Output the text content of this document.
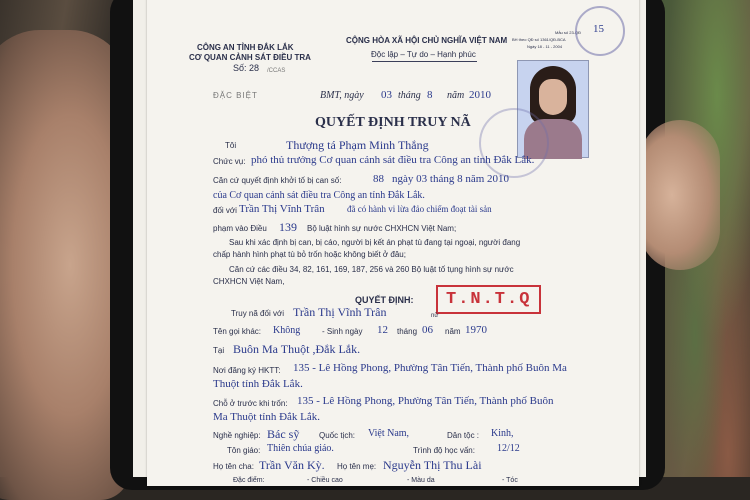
CÔNG AN TỈNH ĐẮK LẮK
CƠ QUAN CẢNH SÁT ĐIỀU TRA
Số: 28 /CCAS
ĐẶC BIỆT
CỘNG HÒA XÃ HỘI CHỦ NGHĨA VIỆT NAM
Độc lập – Tự do – Hạnh phúc
Mẫu số 23-QĐ
BH theo QĐ số 1361/QĐ-BCA
Ngày 18 - 11 - 2004
15
BMT, ngày 03 tháng 8 năm 2010
QUYẾT ĐỊNH TRUY NÃ
Tôi	Thượng tá Phạm Minh Thắng
Chức vụ: phó thủ trưởng Cơ quan cảnh sát điều tra Công an tỉnh Đắk Lắk.
Căn cứ quyết định khởi tố bị can số:	88 ngày 03 tháng 8 năm 2010
của Cơ quan cảnh sát điều tra Công an tỉnh Đắk Lắk.
đối với Trần Thị Vĩnh Trân đã có hành vi lừa đảo chiếm đoạt tài sản
phạm vào Điều 139 Bộ luật hình sự nước CHXHCN Việt Nam;
Sau khi xác định bị can, bị cáo, người bị kết án phạt tù đang tại ngoại, người đang
chấp hành hình phạt tù bỏ trốn hoặc không biết ở đâu;
Căn cứ các điều 34, 82, 161, 169, 187, 256 và 260 Bộ luật tố tụng hình sự nước
CHXHCN Việt Nam,
QUYẾT ĐỊNH:	T.N.T.Q
Truy nã đối với Trần Thị Vĩnh Trân	nữ
Tên gọi khác: Không	- Sinh ngày 12 tháng 06 năm 1970
Tại Buôn Ma Thuột ,Đắk Lắk.
Nơi đăng ký HKTT: 135 - Lê Hồng Phong, Phường Tân Tiến, Thành phố Buôn Ma
Thuột tỉnh Đắk Lắk.
Chỗ ở trước khi trốn: 135 - Lê Hồng Phong, Phường Tân Tiến, Thành phố Buôn
Ma Thuột tỉnh Đắk Lắk.
Nghề nghiệp: Bác sỹ Quốc tịch: Việt Nam,	Dân tộc : Kinh,
Tôn giáo: Thiên chúa giáo.	Trình độ học vấn: 12/12
Họ tên cha: Trần Văn Kỳ. Họ tên mẹ: Nguyễn Thị Thu Lài
Đặc điểm:	- Chiều cao	- Màu da	- Tóc
